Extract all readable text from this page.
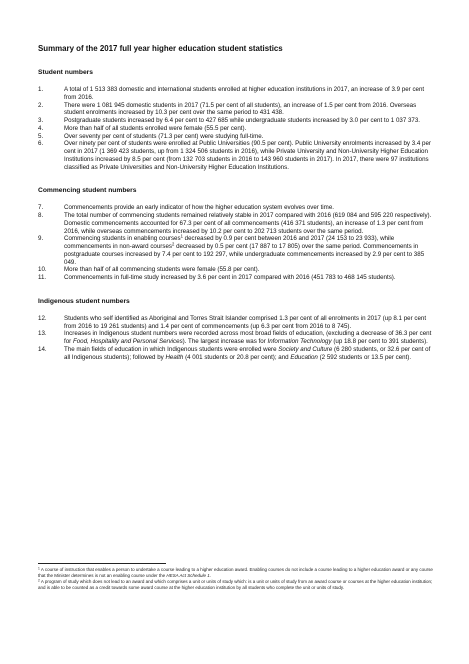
Summary of the 2017 full year higher education student statistics
Student numbers
1.	A total of 1 513 383 domestic and international students enrolled at higher education institutions in 2017, an increase of 3.9 per cent from 2016.
2.	There were 1 081 945 domestic students in 2017 (71.5 per cent of all students), an increase of 1.5 per cent from 2016. Overseas student enrolments increased by 10.3 per cent over the same period to 431 438.
3.	Postgraduate students increased by 6.4 per cent to 427 685 while undergraduate students increased by 3.0 per cent to 1 037 373.
4.	More than half of all students enrolled were female (55.5 per cent).
5.	Over seventy per cent of students (71.3 per cent) were studying full-time.
6.	Over ninety per cent of students were enrolled at Public Universities (90.5 per cent). Public University enrolments increased by 3.4 per cent in 2017 (1 369 423 students, up from 1 324 506 students in 2016), while Private University and Non-University Higher Education Institutions increased by 8.5 per cent (from 132 703 students in 2016 to 143 960 students in 2017). In 2017, there were 97 institutions classified as Private Universities and Non-University Higher Education Institutions.
Commencing student numbers
7.	Commencements provide an early indicator of how the higher education system evolves over time.
8.	The total number of commencing students remained relatively stable in 2017 compared with 2016 (619 084 and 595 220 respectively). Domestic commencements accounted for 67.3 per cent of all commencements (416 371 students), an increase of 1.3 per cent from 2016, while overseas commencements increased by 10.2 per cent to 202 713 students over the same period.
9.	Commencing students in enabling courses$^1$ decreased by 0.9 per cent between 2016 and 2017 (24 153 to 23 933), while commencements in non-award courses$^2$ decreased by 0.5 per cent (17 887 to 17 805) over the same period. Commencements in postgraduate courses increased by 7.4 per cent to 192 297, while undergraduate commencements increased by 2.9 per cent to 385 049.
10.	More than half of all commencing students were female (55.8 per cent).
11.	Commencements in full-time study increased by 3.6 per cent in 2017 compared with 2016 (451 783 to 468 145 students).
Indigenous student numbers
12.	Students who self identified as Aboriginal and Torres Strait Islander comprised 1.3 per cent of all enrolments in 2017 (up 8.1 per cent from 2016 to 19 261 students) and 1.4 per cent of commencements (up 6.3 per cent from 2016 to 8 745).
13.	Increases in Indigenous student numbers were recorded across most broad fields of education, (excluding a decrease of 36.3 per cent for Food, Hospitality and Personal Services). The largest increase was for Information Technology (up 18.8 per cent to 391 students).
14.	The main fields of education in which Indigenous students were enrolled were Society and Culture (6 280 students, or 32.6 per cent of all Indigenous students); followed by Health (4 001 students or 20.8 per cent); and Education (2 592 students or 13.5 per cent).
$^1$ A course of instruction that enables a person to undertake a course leading to a higher education award. Enabling courses do not include a course leading to a higher education award or any course that the Minister determines is not an enabling course under the HESA Act Schedule 1.
$^2$ A program of study which does not lead to an award and which comprises a unit or units of study which: is a unit or units of study from an award course or courses at the higher education institution; and is able to be counted as a credit towards some award course at the higher education institution by all students who complete the unit or units of study.
